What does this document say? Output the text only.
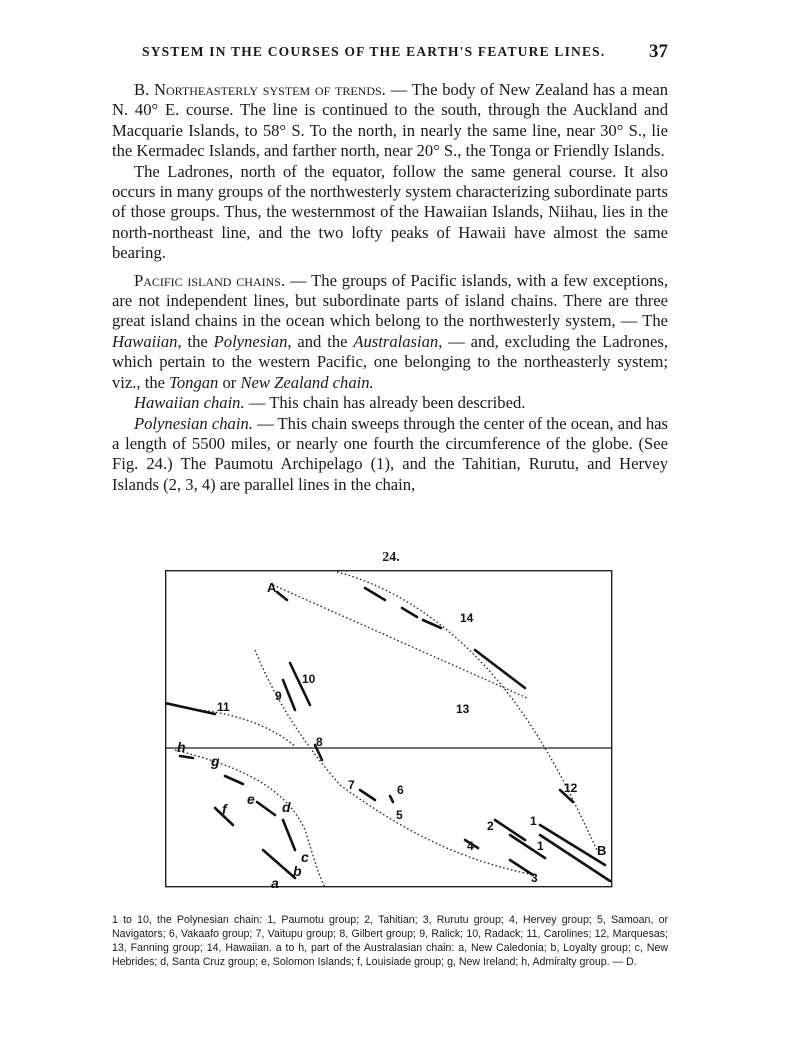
SYSTEM IN THE COURSES OF THE EARTH'S FEATURE LINES. 37

B. Northeasterly system of trends. — The body of New Zealand has a mean N. 40° E. course. The line is continued to the south, through the Auckland and Macquarie Islands, to 58° S. To the north, in nearly the same line, near 30° S., lie the Kermadec Islands, and farther north, near 20° S., the Tonga or Friendly Islands.

The Ladrones, north of the equator, follow the same general course. It also occurs in many groups of the northwesterly system characterizing subordinate parts of those groups. Thus, the westernmost of the Hawaiian Islands, Niihau, lies in the north-northeast line, and the two lofty peaks of Hawaii have almost the same bearing.

Pacific island chains. — The groups of Pacific islands, with a few exceptions, are not independent lines, but subordinate parts of island chains. There are three great island chains in the ocean which belong to the northwesterly system, — The Hawaiian, the Polynesian, and the Australasian, — and, excluding the Ladrones, which pertain to the western Pacific, one belonging to the northeasterly system; viz., the Tongan or New Zealand chain.

Hawaiian chain. — This chain has already been described.

Polynesian chain. — This chain sweeps through the center of the ocean, and has a length of 5500 miles, or nearly one fourth the circumference of the globe. (See Fig. 24.) The Paumotu Archipelago (1), and the Tahitian, Rurutu, and Hervey Islands (2, 3, 4) are parallel lines in the chain,

24.
A
B
1
1
2
3
4
5
6
7
8
9
10
11
12
13
14
a
b
c
d
e
f
g
h
1 to 10, the Polynesian chain: 1, Paumotu group; 2, Tahitian; 3, Rurutu group; 4, Hervey group; 5, Samoan, or Navigators; 6, Vakaafo group; 7, Vaitupu group; 8, Gilbert group; 9, Ralick; 10, Radack; 11, Carolines; 12, Marquesas; 13, Fanning group; 14, Hawaiian. a to h, part of the Australasian chain: a, New Caledonia; b, Loyalty group; c, New Hebrides; d, Santa Cruz group; e, Solomon Islands; f, Louisiade group; g, New Ireland; h, Admiralty group. — D.
